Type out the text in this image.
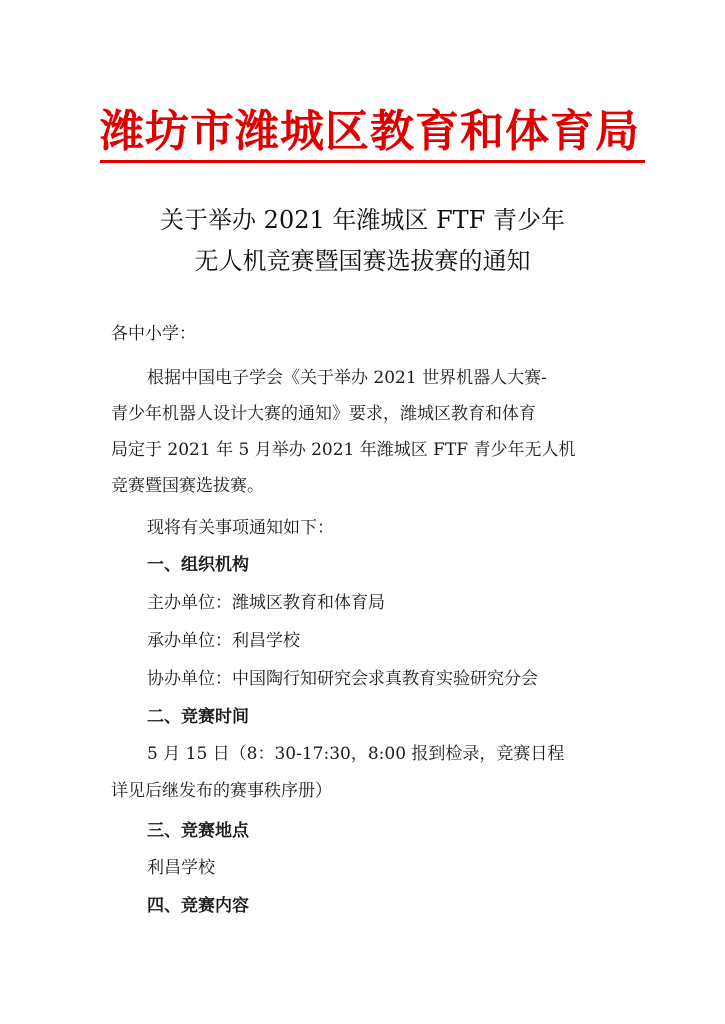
潍坊市潍城区教育和体育局
关于举办 2021 年潍城区 FTF 青少年
无人机竞赛暨国赛选拔赛的通知
各中小学：
根据中国电子学会《关于举办 2021 世界机器人大赛-
青少年机器人设计大赛的通知》要求，潍城区教育和体育
局定于 2021 年 5 月举办 2021 年潍城区 FTF 青少年无人机
竞赛暨国赛选拔赛。
现将有关事项通知如下：
一、组织机构
主办单位：潍城区教育和体育局
承办单位：利昌学校
协办单位：中国陶行知研究会求真教育实验研究分会
二、竞赛时间
5 月 15 日（8：30-17:30，8:00 报到检录，竞赛日程
详见后继发布的赛事秩序册）
三、竞赛地点
利昌学校
四、竞赛内容
